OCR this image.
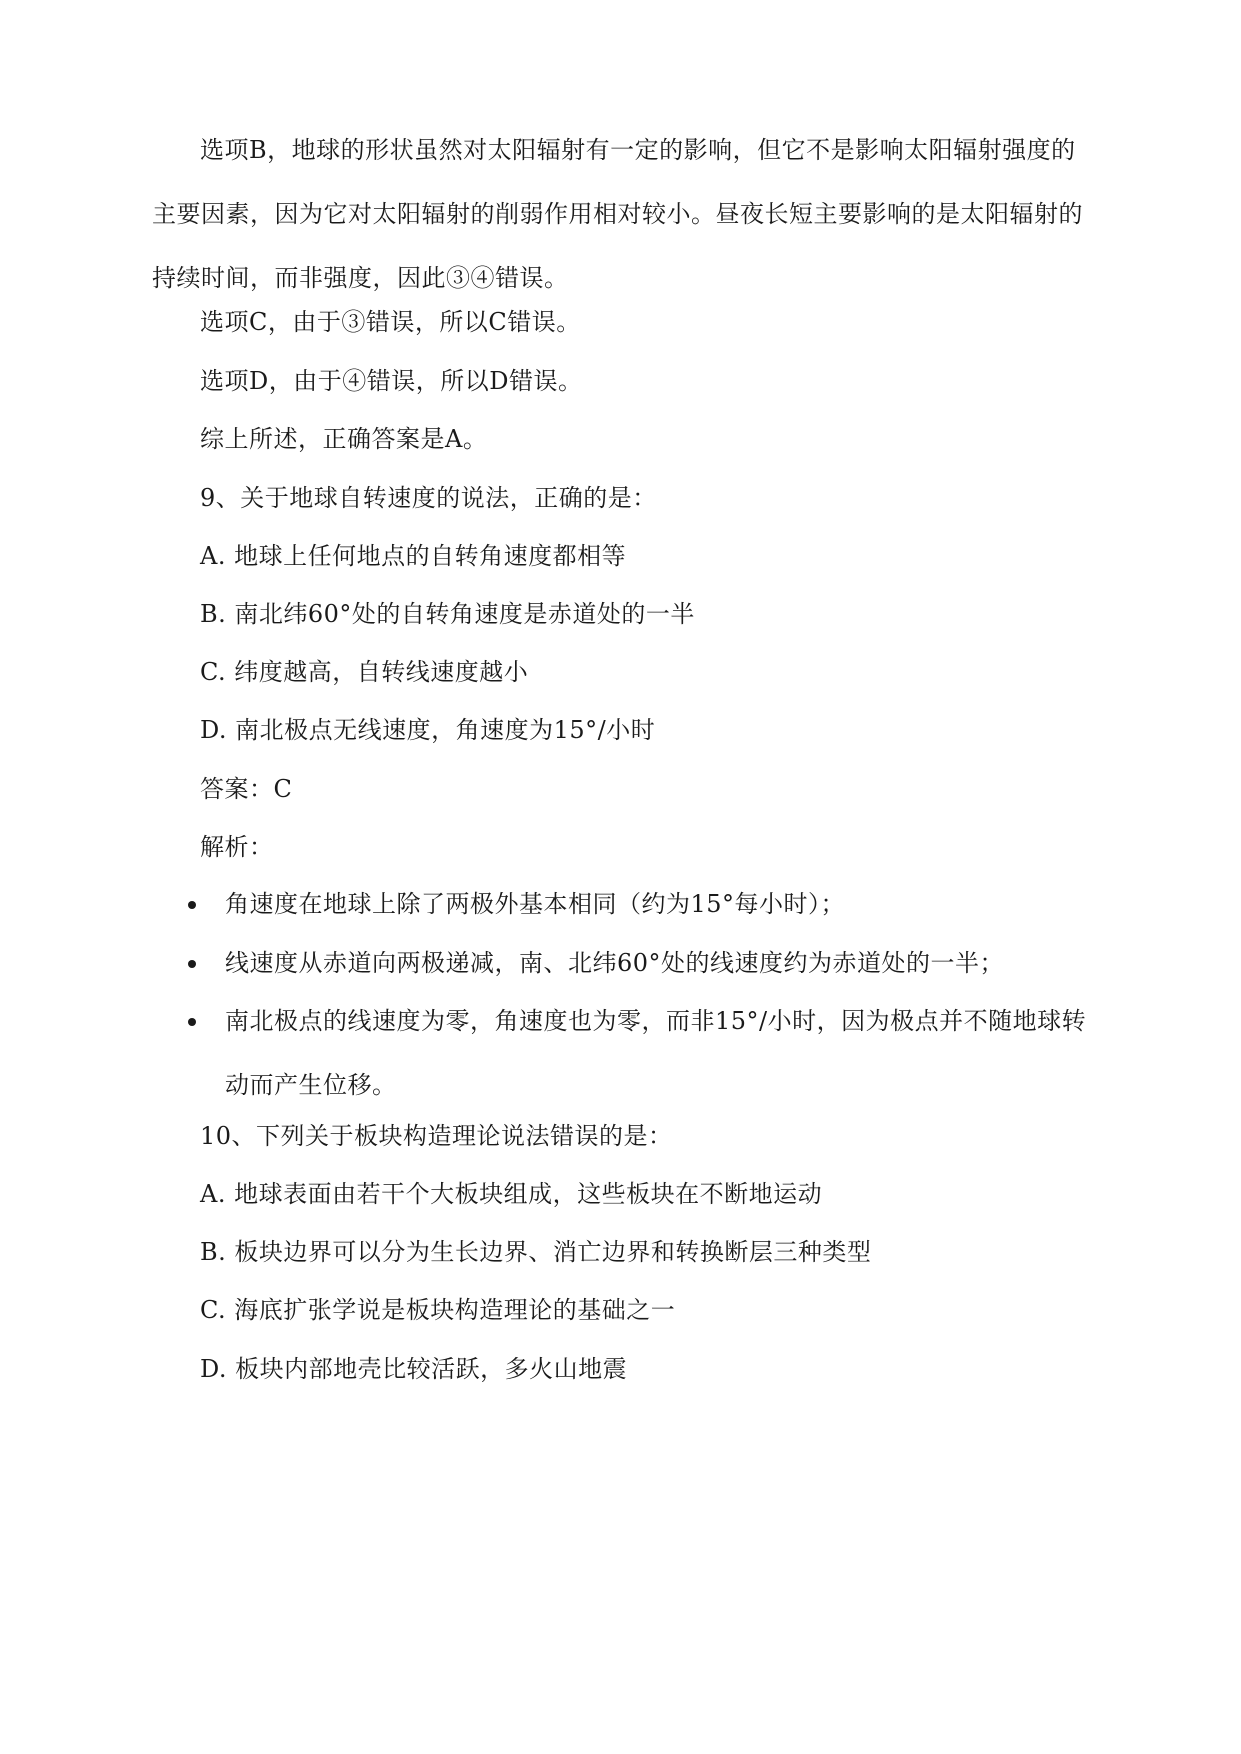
选项B，地球的形状虽然对太阳辐射有一定的影响，但它不是影响太阳辐射强度的主要因素，因为它对太阳辐射的削弱作用相对较小。昼夜长短主要影响的是太阳辐射的持续时间，而非强度，因此③④错误。

选项C，由于③错误，所以C错误。

选项D，由于④错误，所以D错误。

综上所述，正确答案是A。

9、关于地球自转速度的说法，正确的是：

A. 地球上任何地点的自转角速度都相等

B. 南北纬60°处的自转角速度是赤道处的一半

C. 纬度越高，自转线速度越小

D. 南北极点无线速度，角速度为15°/小时

答案：C

解析：

角速度在地球上除了两极外基本相同（约为15°每小时）；

线速度从赤道向两极递减，南、北纬60°处的线速度约为赤道处的一半；

南北极点的线速度为零，角速度也为零，而非15°/小时，因为极点并不随地球转动而产生位移。

10、下列关于板块构造理论说法错误的是：

A. 地球表面由若干个大板块组成，这些板块在不断地运动

B. 板块边界可以分为生长边界、消亡边界和转换断层三种类型

C. 海底扩张学说是板块构造理论的基础之一

D. 板块内部地壳比较活跃，多火山地震
